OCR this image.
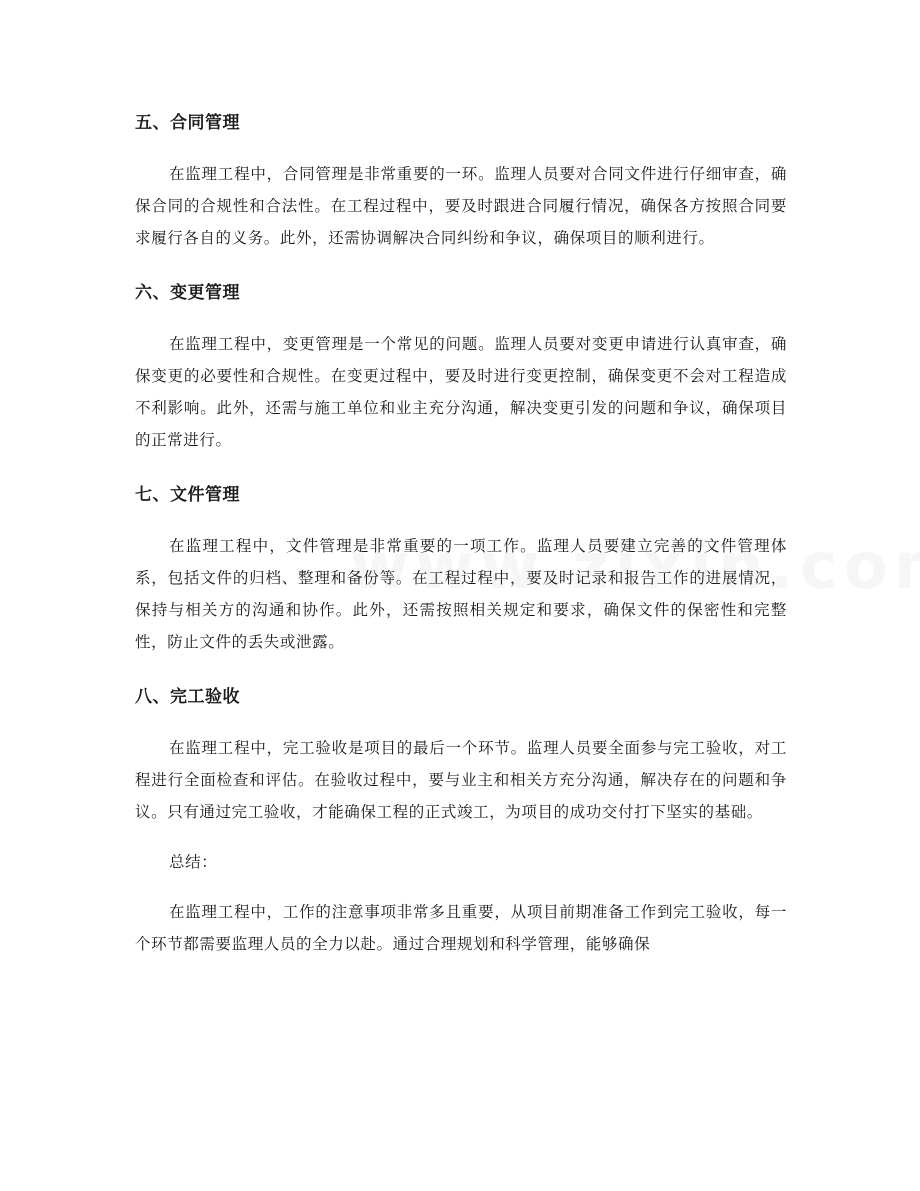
五、合同管理

在监理工程中，合同管理是非常重要的一环。监理人员要对合同文件进行仔细审查，确保合同的合规性和合法性。在工程过程中，要及时跟进合同履行情况，确保各方按照合同要求履行各自的义务。此外，还需协调解决合同纠纷和争议，确保项目的顺利进行。

六、变更管理

在监理工程中，变更管理是一个常见的问题。监理人员要对变更申请进行认真审查，确保变更的必要性和合规性。在变更过程中，要及时进行变更控制，确保变更不会对工程造成不利影响。此外，还需与施工单位和业主充分沟通，解决变更引发的问题和争议，确保项目的正常进行。

七、文件管理

在监理工程中，文件管理是非常重要的一项工作。监理人员要建立完善的文件管理体系，包括文件的归档、整理和备份等。在工程过程中，要及时记录和报告工作的进展情况，保持与相关方的沟通和协作。此外，还需按照相关规定和要求，确保文件的保密性和完整性，防止文件的丢失或泄露。

八、完工验收

在监理工程中，完工验收是项目的最后一个环节。监理人员要全面参与完工验收，对工程进行全面检查和评估。在验收过程中，要与业主和相关方充分沟通，解决存在的问题和争议。只有通过完工验收，才能确保工程的正式竣工，为项目的成功交付打下坚实的基础。

总结：

在监理工程中，工作的注意事项非常多且重要，从项目前期准备工作到完工验收，每一个环节都需要监理人员的全力以赴。通过合理规划和科学管理，能够确保
